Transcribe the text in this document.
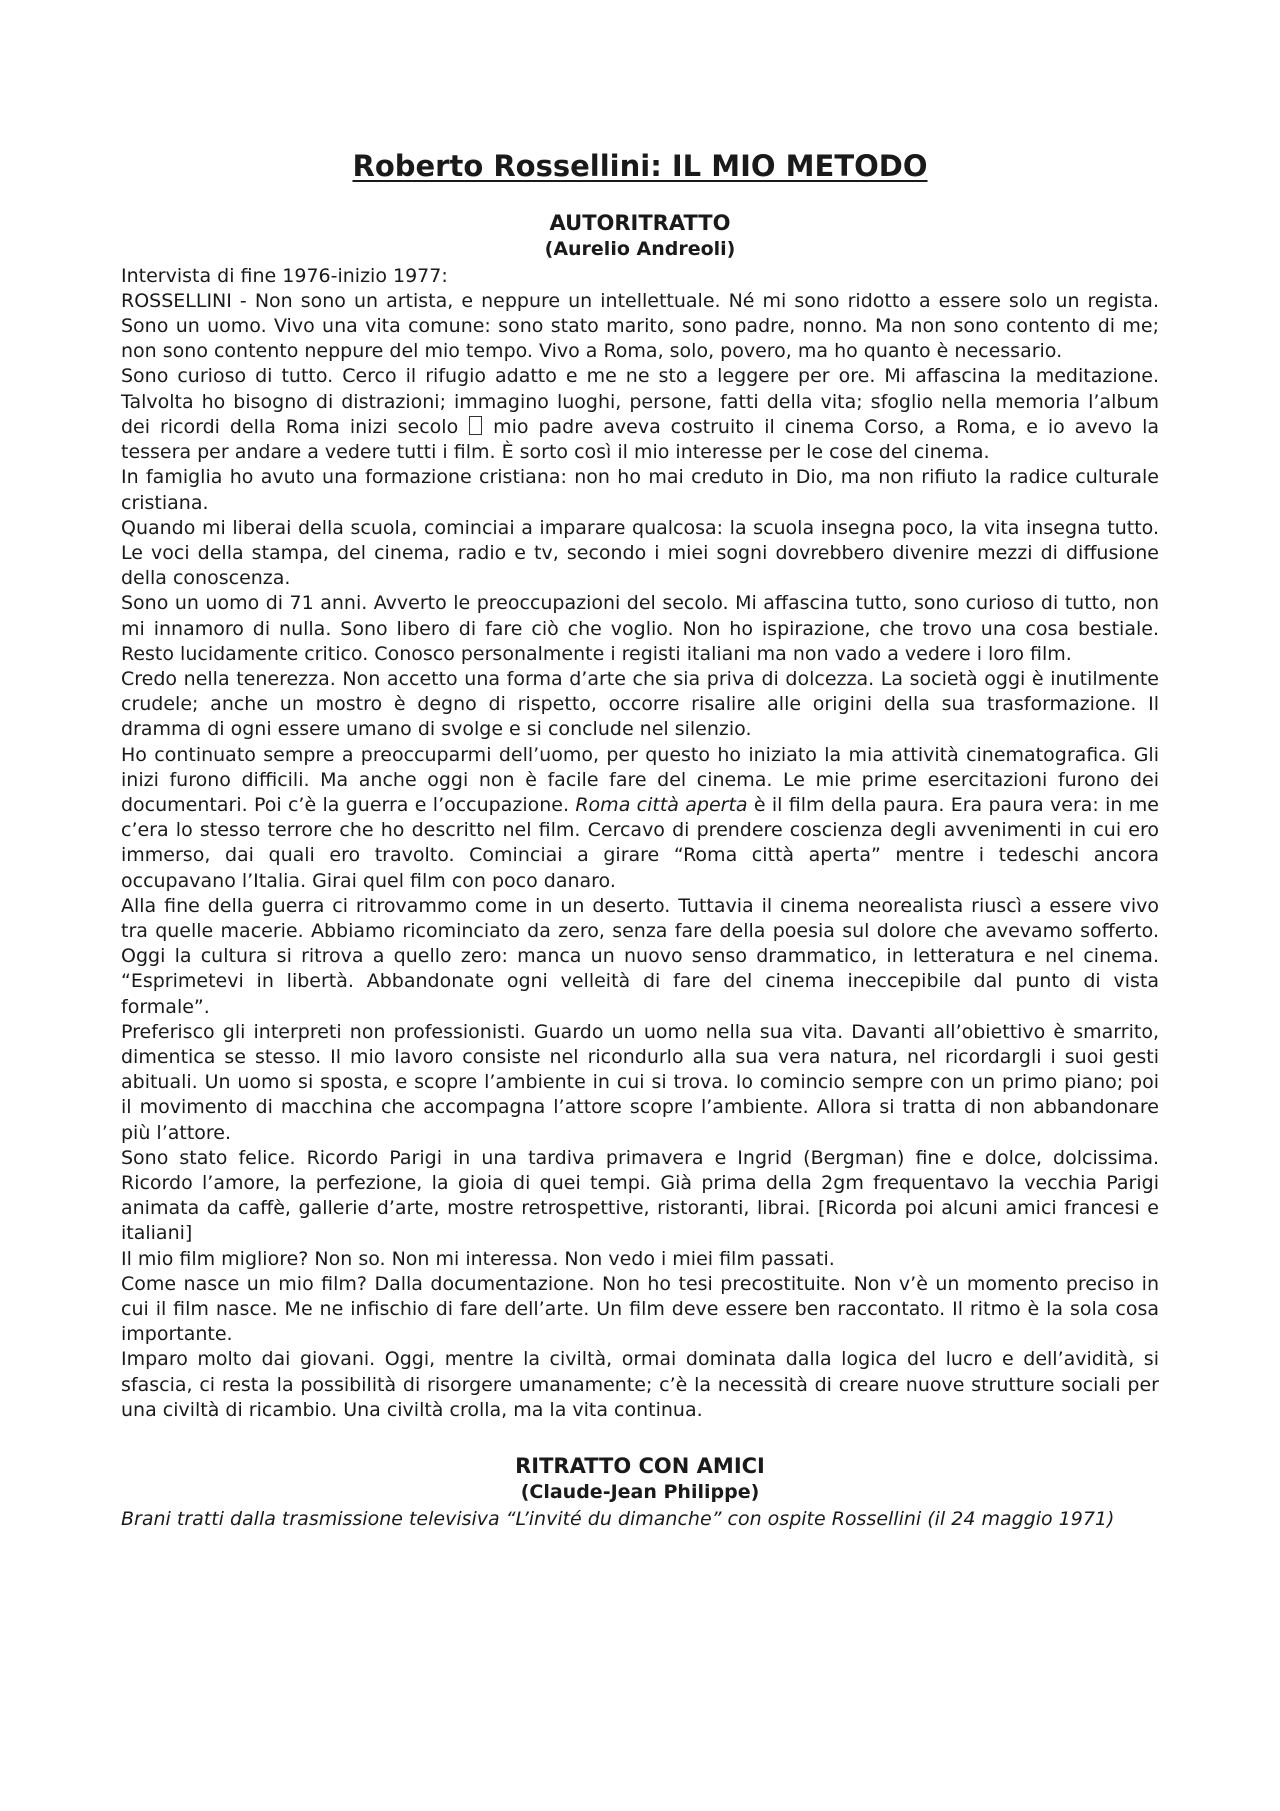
Roberto Rossellini: IL MIO METODO
AUTORITRATTO
(Aurelio Andreoli)

Intervista di fine 1976-inizio 1977:

ROSSELLINI - Non sono un artista, e neppure un intellettuale. Né mi sono ridotto a essere solo un regista. Sono un uomo. Vivo una vita comune: sono stato marito, sono padre, nonno. Ma non sono contento di me; non sono contento neppure del mio tempo. Vivo a Roma, solo, povero, ma ho quanto è necessario.

Sono curioso di tutto. Cerco il rifugio adatto e me ne sto a leggere per ore. Mi affascina la meditazione. Talvolta ho bisogno di distrazioni; immagino luoghi, persone, fatti della vita; sfoglio nella memoria l’album dei ricordi della Roma inizi secolo mio padre aveva costruito il cinema Corso, a Roma, e io avevo la tessera per andare a vedere tutti i film. È sorto così il mio interesse per le cose del cinema.

In famiglia ho avuto una formazione cristiana: non ho mai creduto in Dio, ma non rifiuto la radice culturale cristiana.

Quando mi liberai della scuola, cominciai a imparare qualcosa: la scuola insegna poco, la vita insegna tutto. Le voci della stampa, del cinema, radio e tv, secondo i miei sogni dovrebbero divenire mezzi di diffusione della conoscenza.

Sono un uomo di 71 anni. Avverto le preoccupazioni del secolo. Mi affascina tutto, sono curioso di tutto, non mi innamoro di nulla. Sono libero di fare ciò che voglio. Non ho ispirazione, che trovo una cosa bestiale. Resto lucidamente critico. Conosco personalmente i registi italiani ma non vado a vedere i loro film.

Credo nella tenerezza. Non accetto una forma d’arte che sia priva di dolcezza. La società oggi è inutilmente crudele; anche un mostro è degno di rispetto, occorre risalire alle origini della sua trasformazione. Il dramma di ogni essere umano di svolge e si conclude nel silenzio.

Ho continuato sempre a preoccuparmi dell’uomo, per questo ho iniziato la mia attività cinematografica. Gli inizi furono difficili. Ma anche oggi non è facile fare del cinema. Le mie prime esercitazioni furono dei documentari. Poi c’è la guerra e l’occupazione. Roma città aperta è il film della paura. Era paura vera: in me c’era lo stesso terrore che ho descritto nel film. Cercavo di prendere coscienza degli avvenimenti in cui ero immerso, dai quali ero travolto. Cominciai a girare “Roma città aperta” mentre i tedeschi ancora occupavano l’Italia. Girai quel film con poco danaro.

Alla fine della guerra ci ritrovammo come in un deserto. Tuttavia il cinema neorealista riuscì a essere vivo tra quelle macerie. Abbiamo ricominciato da zero, senza fare della poesia sul dolore che avevamo sofferto. Oggi la cultura si ritrova a quello zero: manca un nuovo senso drammatico, in letteratura e nel cinema. “Esprimetevi in libertà. Abbandonate ogni velleità di fare del cinema ineccepibile dal punto di vista formale”.

Preferisco gli interpreti non professionisti. Guardo un uomo nella sua vita. Davanti all’obiettivo è smarrito, dimentica se stesso. Il mio lavoro consiste nel ricondurlo alla sua vera natura, nel ricordargli i suoi gesti abituali. Un uomo si sposta, e scopre l’ambiente in cui si trova. Io comincio sempre con un primo piano; poi il movimento di macchina che accompagna l’attore scopre l’ambiente. Allora si tratta di non abbandonare più l’attore.

Sono stato felice. Ricordo Parigi in una tardiva primavera e Ingrid (Bergman) fine e dolce, dolcissima. Ricordo l’amore, la perfezione, la gioia di quei tempi. Già prima della 2gm frequentavo la vecchia Parigi animata da caffè, gallerie d’arte, mostre retrospettive, ristoranti, librai. [Ricorda poi alcuni amici francesi e italiani]

Il mio film migliore? Non so. Non mi interessa. Non vedo i miei film passati.

Come nasce un mio film? Dalla documentazione. Non ho tesi precostituite. Non v’è un momento preciso in cui il film nasce. Me ne infischio di fare dell’arte. Un film deve essere ben raccontato. Il ritmo è la sola cosa importante.

Imparo molto dai giovani. Oggi, mentre la civiltà, ormai dominata dalla logica del lucro e dell’avidità, si sfascia, ci resta la possibilità di risorgere umanamente; c’è la necessità di creare nuove strutture sociali per una civiltà di ricambio. Una civiltà crolla, ma la vita continua.

RITRATTO CON AMICI
(Claude-Jean Philippe)

Brani tratti dalla trasmissione televisiva “L’invité du dimanche” con ospite Rossellini (il 24 maggio 1971)
